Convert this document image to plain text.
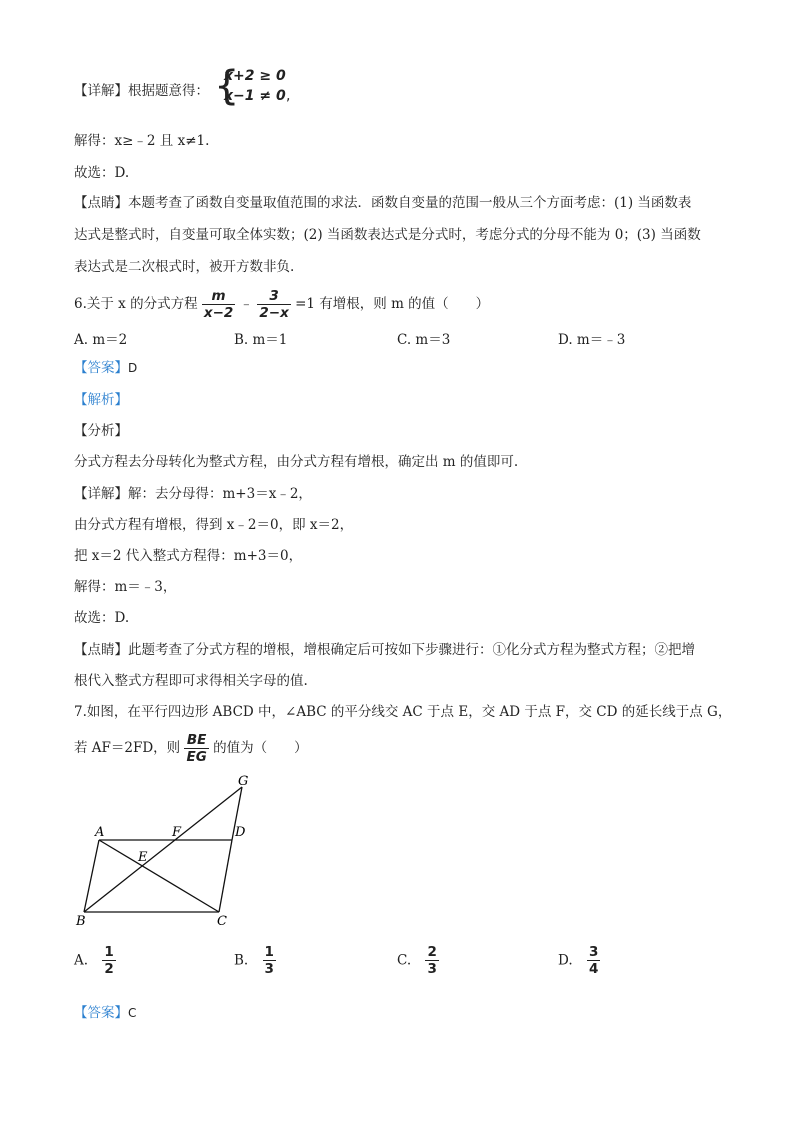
【详解】根据题意得： {
x+2 ≥ 0
x−1 ≠ 0 ,
解得：x≥﹣2 且 x≠1.
故选：D.
【点睛】本题考查了函数自变量取值范围的求法．函数自变量的范围一般从三个方面考虑：(1) 当函数表
达式是整式时，自变量可取全体实数；(2) 当函数表达式是分式时，考虑分式的分母不能为 0；(3) 当函数
表达式是二次根式时，被开方数非负.
6.关于 x 的分式方程 $\frac{m}{x-2}$ ﹣ $\frac{3}{2-x} =1$ 有增根，则 m 的值（　　）
A. m＝2	B. m＝1	C. m＝3	D. m＝﹣3
【答案】D
【解析】
【分析】
分式方程去分母转化为整式方程，由分式方程有增根，确定出 m 的值即可.
【详解】解：去分母得：m+3＝x﹣2，
由分式方程有增根，得到 x﹣2＝0，即 x＝2，
把 x＝2 代入整式方程得：m+3＝0，
解得：m＝﹣3，
故选：D.
【点睛】此题考查了分式方程的增根，增根确定后可按如下步骤进行：①化分式方程为整式方程；②把增
根代入整式方程即可求得相关字母的值.
7.如图，在平行四边形 ABCD 中，∠ABC 的平分线交 AC 于点 E，交 AD 于点 F，交 CD 的延长线于点 G，
若 AF＝2FD，则 $\frac{BE}{EG}$ 的值为（　　）
G
A	F	D
E
B	C
A. $\frac{1}{2}$	B. $\frac{1}{3}$	C. $\frac{2}{3}$	D. $\frac{3}{4}$
【答案】C
